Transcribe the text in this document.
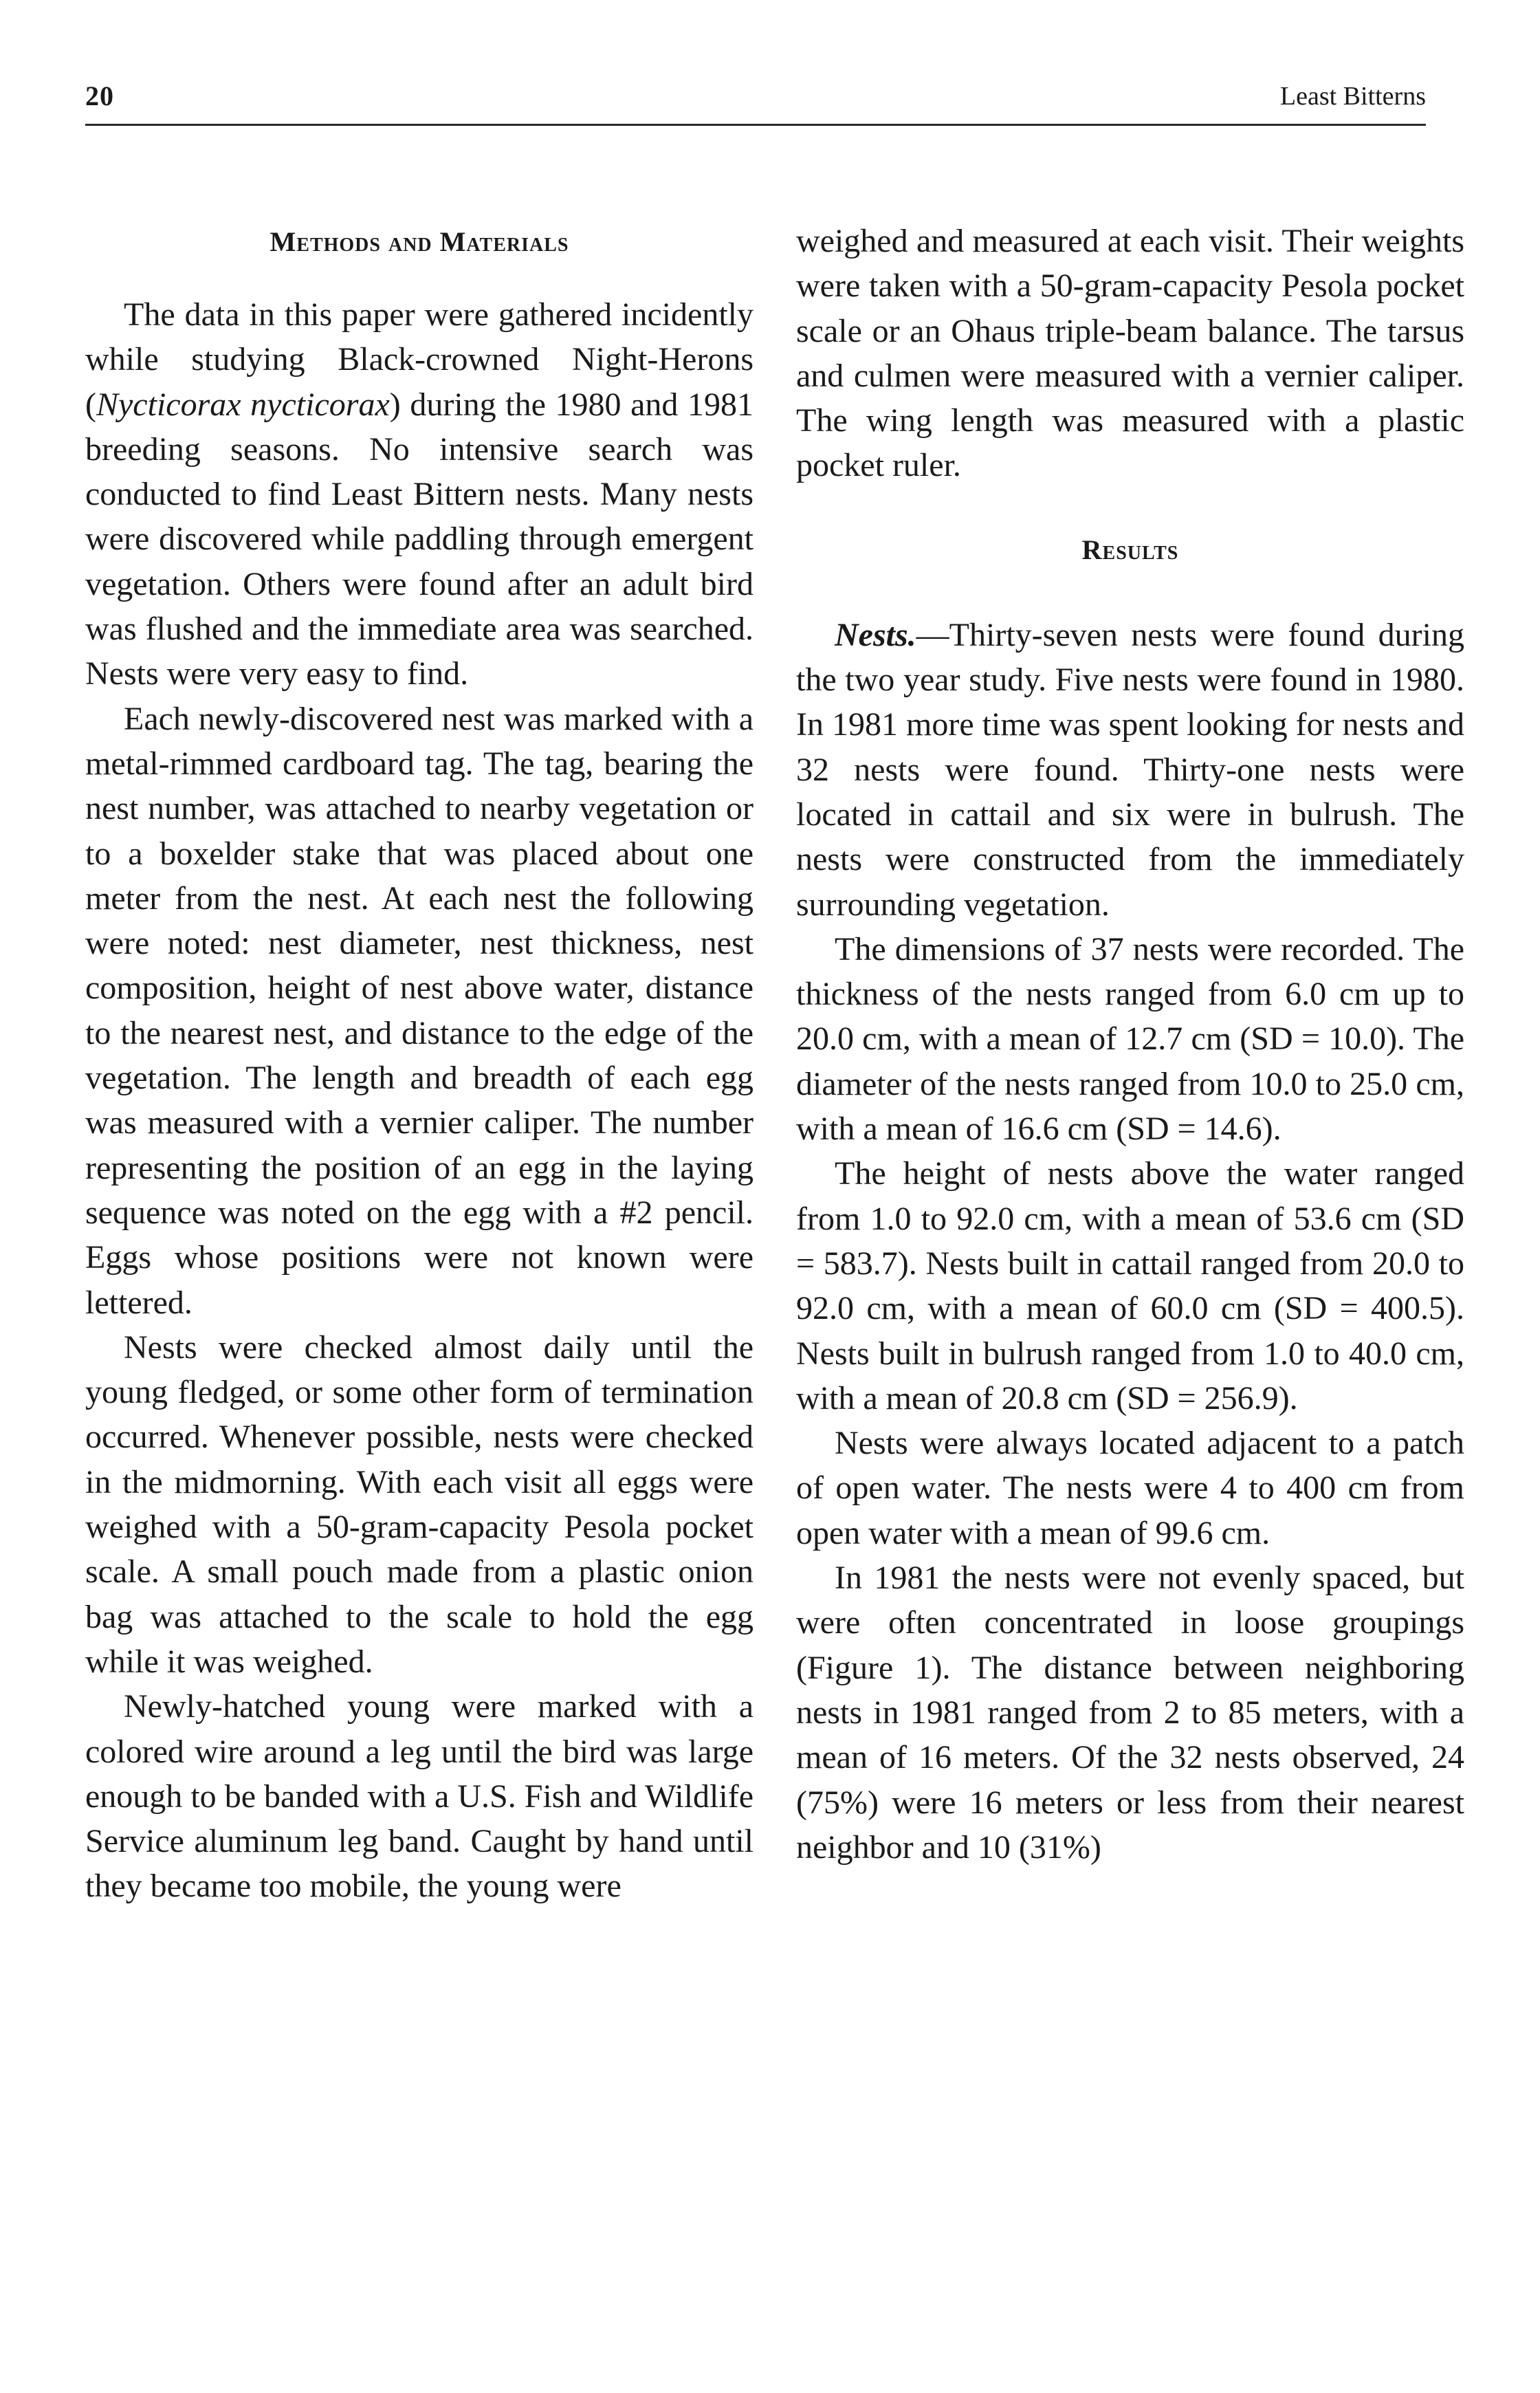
20	Least Bitterns
Methods and Materials

The data in this paper were gathered incidently while studying Black-crowned Night-Herons (Nycticorax nycticorax) during the 1980 and 1981 breeding seasons. No intensive search was conducted to find Least Bittern nests. Many nests were discovered while paddling through emergent vegetation. Others were found after an adult bird was flushed and the immediate area was searched. Nests were very easy to find.

Each newly-discovered nest was marked with a metal-rimmed cardboard tag. The tag, bearing the nest number, was attached to nearby vegetation or to a boxelder stake that was placed about one meter from the nest. At each nest the following were noted: nest diameter, nest thickness, nest composition, height of nest above water, distance to the nearest nest, and distance to the edge of the vegetation. The length and breadth of each egg was measured with a vernier caliper. The number representing the position of an egg in the laying sequence was noted on the egg with a #2 pencil. Eggs whose positions were not known were lettered.

Nests were checked almost daily until the young fledged, or some other form of termination occurred. Whenever possible, nests were checked in the midmorning. With each visit all eggs were weighed with a 50-gram-capacity Pesola pocket scale. A small pouch made from a plastic onion bag was attached to the scale to hold the egg while it was weighed.

Newly-hatched young were marked with a colored wire around a leg until the bird was large enough to be banded with a U.S. Fish and Wildlife Service aluminum leg band. Caught by hand until they became too mobile, the young were

weighed and measured at each visit. Their weights were taken with a 50-gram-capacity Pesola pocket scale or an Ohaus triple-beam balance. The tarsus and culmen were measured with a vernier caliper. The wing length was measured with a plastic pocket ruler.

Results

Nests.—Thirty-seven nests were found during the two year study. Five nests were found in 1980. In 1981 more time was spent looking for nests and 32 nests were found. Thirty-one nests were located in cattail and six were in bulrush. The nests were constructed from the immediately surrounding vegetation.

The dimensions of 37 nests were recorded. The thickness of the nests ranged from 6.0 cm up to 20.0 cm, with a mean of 12.7 cm (SD = 10.0). The diameter of the nests ranged from 10.0 to 25.0 cm, with a mean of 16.6 cm (SD = 14.6).

The height of nests above the water ranged from 1.0 to 92.0 cm, with a mean of 53.6 cm (SD = 583.7). Nests built in cattail ranged from 20.0 to 92.0 cm, with a mean of 60.0 cm (SD = 400.5). Nests built in bulrush ranged from 1.0 to 40.0 cm, with a mean of 20.8 cm (SD = 256.9).

Nests were always located adjacent to a patch of open water. The nests were 4 to 400 cm from open water with a mean of 99.6 cm.

In 1981 the nests were not evenly spaced, but were often concentrated in loose groupings (Figure 1). The distance between neighboring nests in 1981 ranged from 2 to 85 meters, with a mean of 16 meters. Of the 32 nests observed, 24 (75%) were 16 meters or less from their nearest neighbor and 10 (31%)
